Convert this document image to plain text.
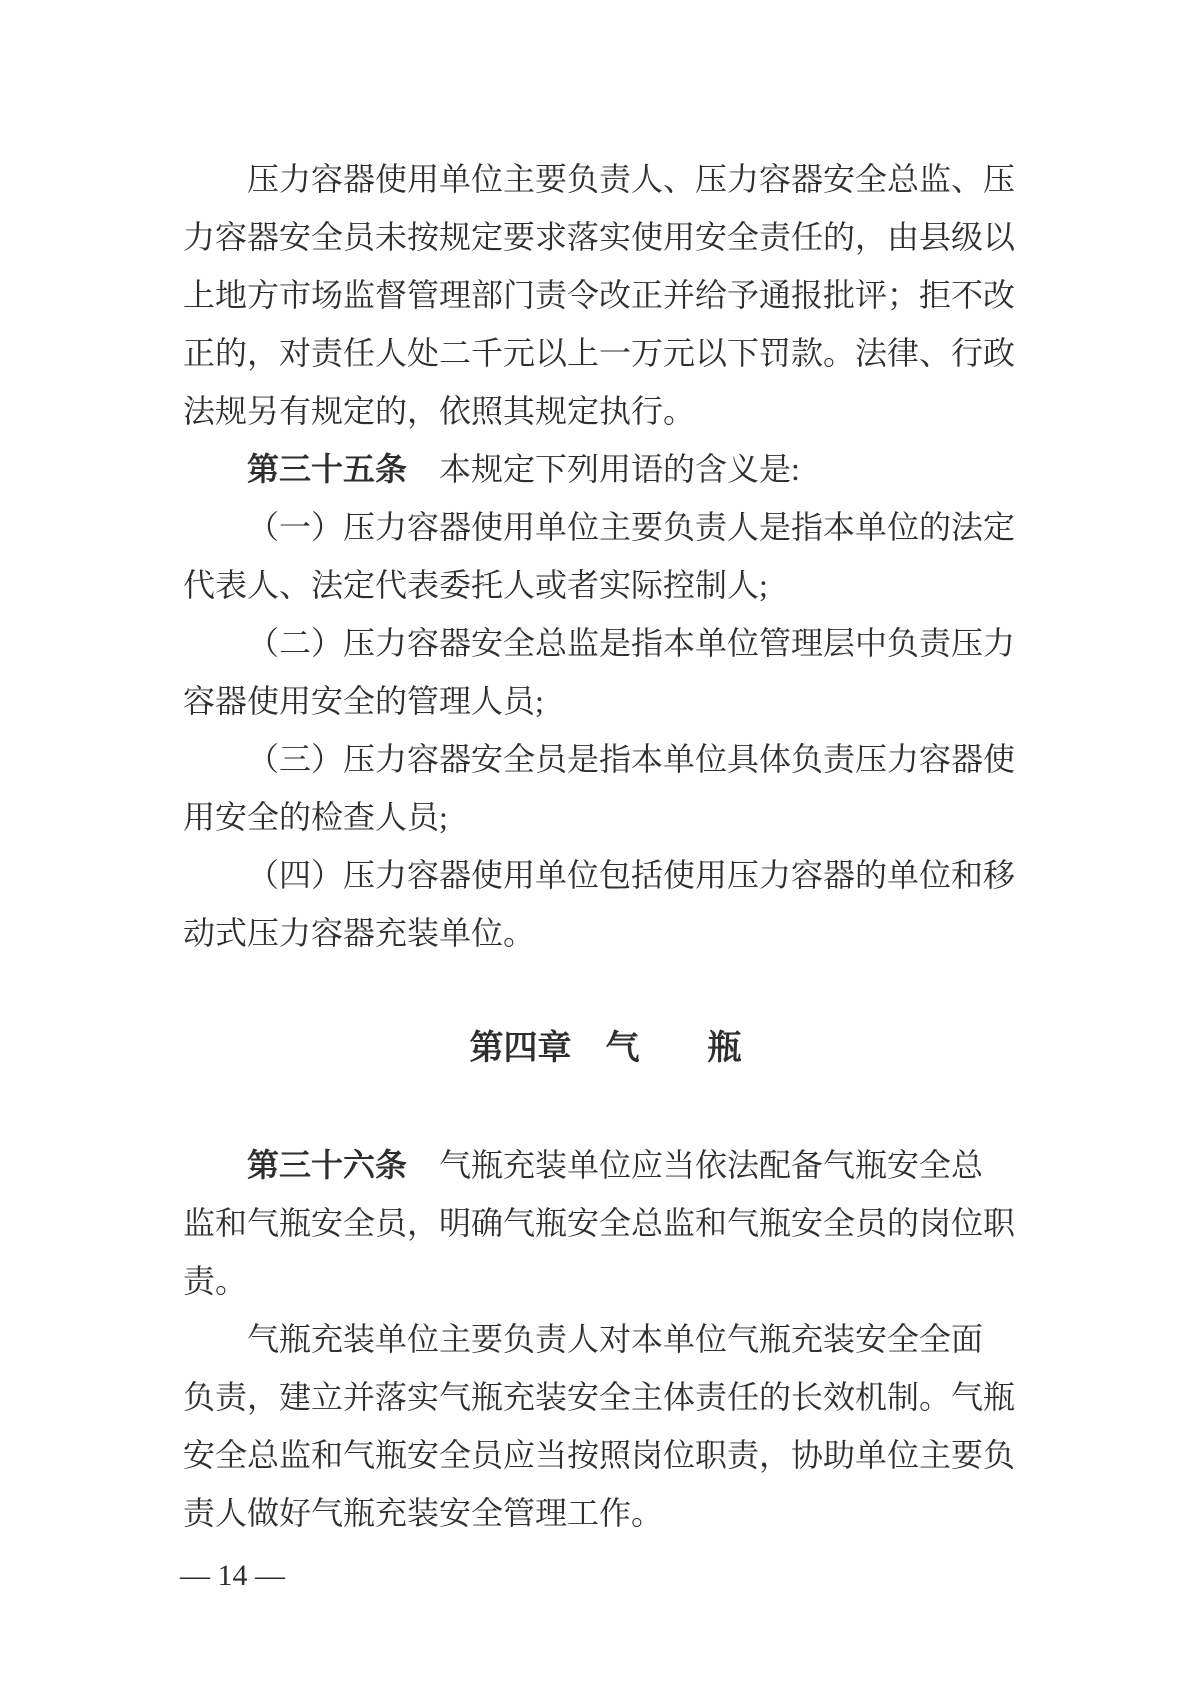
压力容器使用单位主要负责人、压力容器安全总监、压
力容器安全员未按规定要求落实使用安全责任的，由县级以
上地方市场监督管理部门责令改正并给予通报批评；拒不改
正的，对责任人处二千元以上一万元以下罚款。法律、行政
法规另有规定的，依照其规定执行。
第三十五条　本规定下列用语的含义是:
（一）压力容器使用单位主要负责人是指本单位的法定
代表人、法定代表委托人或者实际控制人;
（二）压力容器安全总监是指本单位管理层中负责压力
容器使用安全的管理人员;
（三）压力容器安全员是指本单位具体负责压力容器使
用安全的检查人员;
（四）压力容器使用单位包括使用压力容器的单位和移
动式压力容器充装单位。
第四章　气　　瓶
第三十六条　气瓶充装单位应当依法配备气瓶安全总
监和气瓶安全员，明确气瓶安全总监和气瓶安全员的岗位职
责。
气瓶充装单位主要负责人对本单位气瓶充装安全全面
负责，建立并落实气瓶充装安全主体责任的长效机制。气瓶
安全总监和气瓶安全员应当按照岗位职责，协助单位主要负
责人做好气瓶充装安全管理工作。
— 14 —
